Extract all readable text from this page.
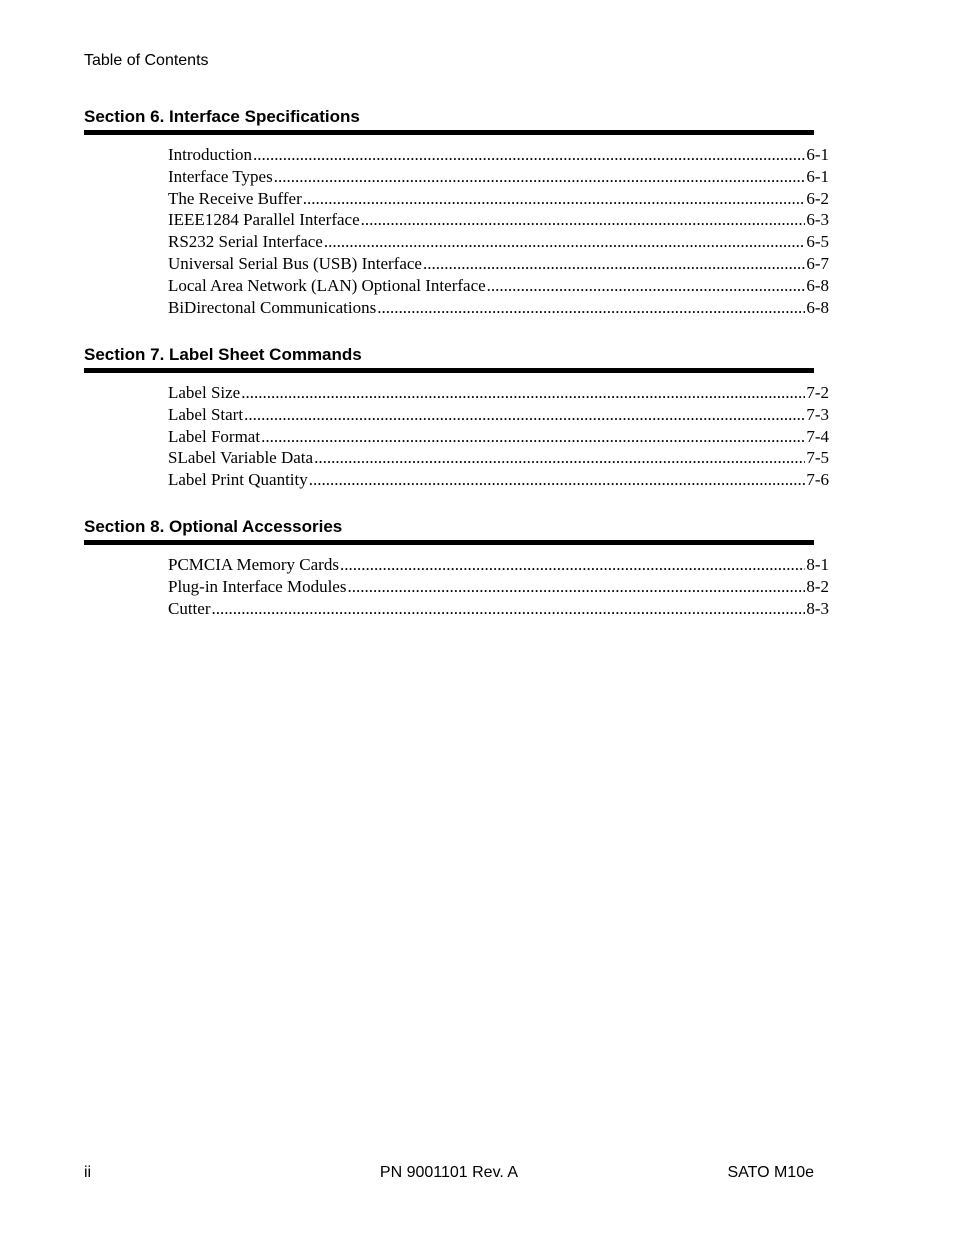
Table of Contents
Section 6. Interface Specifications
Introduction .....	6-1
Interface Types .....	6-1
The Receive Buffer .....	6-2
IEEE1284 Parallel Interface .....	6-3
RS232 Serial Interface .....	6-5
Universal Serial Bus (USB) Interface .....	6-7
Local Area Network (LAN) Optional Interface .....	6-8
BiDirectonal Communications .....	6-8
Section 7. Label Sheet Commands
Label Size .....	7-2
Label Start .....	7-3
Label Format .....	7-4
SLabel Variable Data .....	7-5
Label Print Quantity .....	7-6
Section 8. Optional Accessories
PCMCIA Memory Cards .....	8-1
Plug-in Interface Modules .....	8-2
Cutter .....	8-3
ii	PN 9001101 Rev. A	SATO M10e
